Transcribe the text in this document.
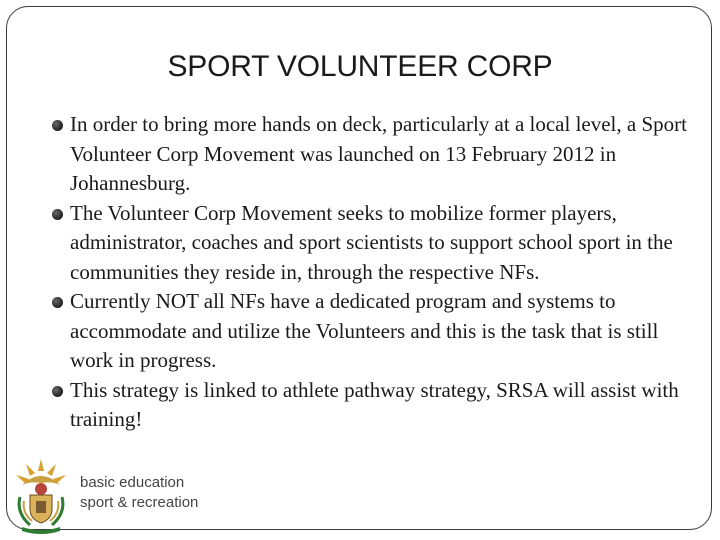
SPORT VOLUNTEER CORP
In order to bring more hands on deck, particularly at a local level, a Sport Volunteer Corp Movement was launched on 13 February 2012 in Johannesburg.
The Volunteer Corp Movement seeks to mobilize former players, administrator, coaches and sport scientists to support school sport in the communities they reside in, through the respective NFs.
Currently NOT all NFs have a dedicated program and systems to accommodate and utilize the Volunteers and this is the task that is still work in progress.
This strategy is linked to athlete pathway strategy, SRSA will assist with training!
basic education
sport & recreation
